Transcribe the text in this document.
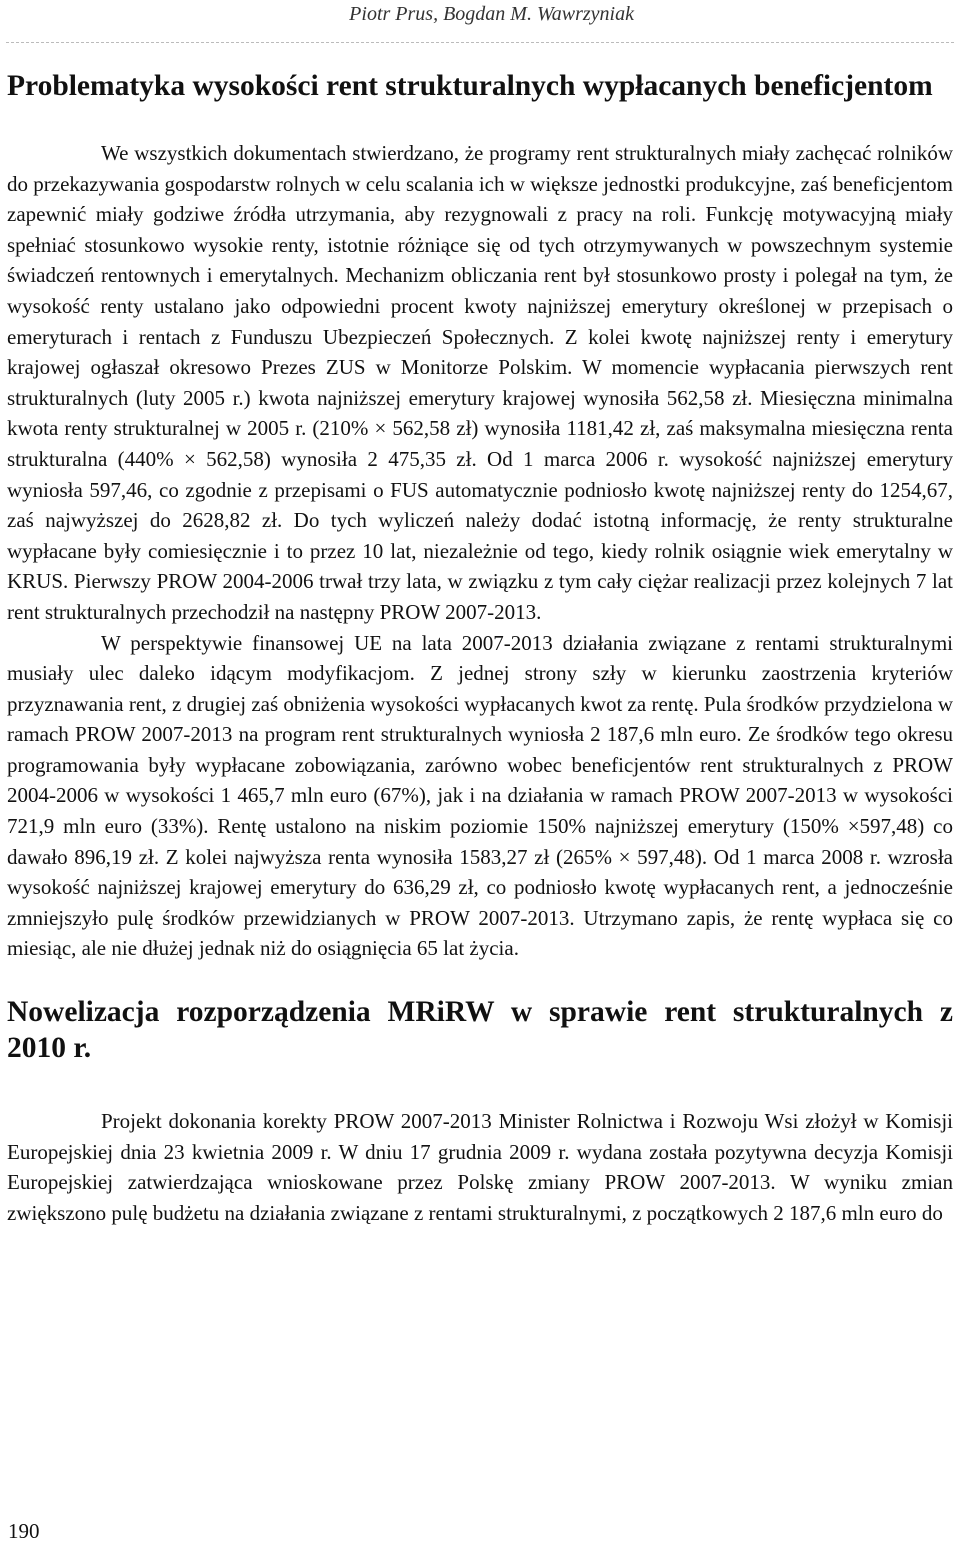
Piotr Prus, Bogdan M. Wawrzyniak
Problematyka wysokości rent strukturalnych wypłacanych beneficjentom

We wszystkich dokumentach stwierdzano, że programy rent strukturalnych miały zachęcać rolników do przekazywania gospodarstw rolnych w celu scalania ich w większe jednostki produkcyjne, zaś beneficjentom zapewnić miały godziwe źródła utrzymania, aby rezygnowali z pracy na roli. Funkcję motywacyjną miały spełniać stosunkowo wysokie renty, istotnie różniące się od tych otrzymywanych w powszechnym systemie świadczeń rentownych i emerytalnych. Mechanizm obliczania rent był stosunkowo prosty i polegał na tym, że wysokość renty ustalano jako odpowiedni procent kwoty najniższej emerytury określonej w przepisach o emeryturach i rentach z Funduszu Ubezpieczeń Społecznych. Z kolei kwotę najniższej renty i emerytury krajowej ogłaszał okresowo Prezes ZUS w Monitorze Polskim. W momencie wypłacania pierwszych rent strukturalnych (luty 2005 r.) kwota najniższej emerytury krajowej wynosiła 562,58 zł. Miesięczna minimalna kwota renty strukturalnej w 2005 r. (210% × 562,58 zł) wynosiła 1181,42 zł, zaś maksymalna miesięczna renta strukturalna (440% × 562,58) wynosiła 2 475,35 zł. Od 1 marca 2006 r. wysokość najniższej emerytury wyniosła 597,46, co zgodnie z przepisami o FUS automatycznie podniosło kwotę najniższej renty do 1254,67, zaś najwyższej do 2628,82 zł. Do tych wyliczeń należy dodać istotną informację, że renty strukturalne wypłacane były comiesięcznie i to przez 10 lat, niezależnie od tego, kiedy rolnik osiągnie wiek emerytalny w KRUS. Pierwszy PROW 2004-2006 trwał trzy lata, w związku z tym cały ciężar realizacji przez kolejnych 7 lat rent strukturalnych przechodził na następny PROW 2007-2013.

W perspektywie finansowej UE na lata 2007-2013 działania związane z rentami strukturalnymi musiały ulec daleko idącym modyfikacjom. Z jednej strony szły w kierunku zaostrzenia kryteriów przyznawania rent, z drugiej zaś obniżenia wysokości wypłacanych kwot za rentę. Pula środków przydzielona w ramach PROW 2007-2013 na program rent strukturalnych wyniosła 2 187,6 mln euro. Ze środków tego okresu programowania były wypłacane zobowiązania, zarówno wobec beneficjentów rent strukturalnych z PROW 2004-2006 w wysokości 1 465,7 mln euro (67%), jak i na działania w ramach PROW 2007-2013 w wysokości 721,9 mln euro (33%). Rentę ustalono na niskim poziomie 150% najniższej emerytury (150% ×597,48) co dawało 896,19 zł. Z kolei najwyższa renta wynosiła 1583,27 zł (265% × 597,48). Od 1 marca 2008 r. wzrosła wysokość najniższej krajowej emerytury do 636,29 zł, co podniosło kwotę wypłacanych rent, a jednocześnie zmniejszyło pulę środków przewidzianych w PROW 2007-2013. Utrzymano zapis, że rentę wypłaca się co miesiąc, ale nie dłużej jednak niż do osiągnięcia 65 lat życia.

Nowelizacja rozporządzenia MRiRW w sprawie rent strukturalnych z 2010 r.

Projekt dokonania korekty PROW 2007-2013 Minister Rolnictwa i Rozwoju Wsi złożył w Komisji Europejskiej dnia 23 kwietnia 2009 r. W dniu 17 grudnia 2009 r. wydana została pozytywna decyzja Komisji Europejskiej zatwierdzająca wnioskowane przez Polskę zmiany PROW 2007-2013. W wyniku zmian zwiększono pulę budżetu na działania związane z rentami strukturalnymi, z początkowych 2 187,6 mln euro do

190
